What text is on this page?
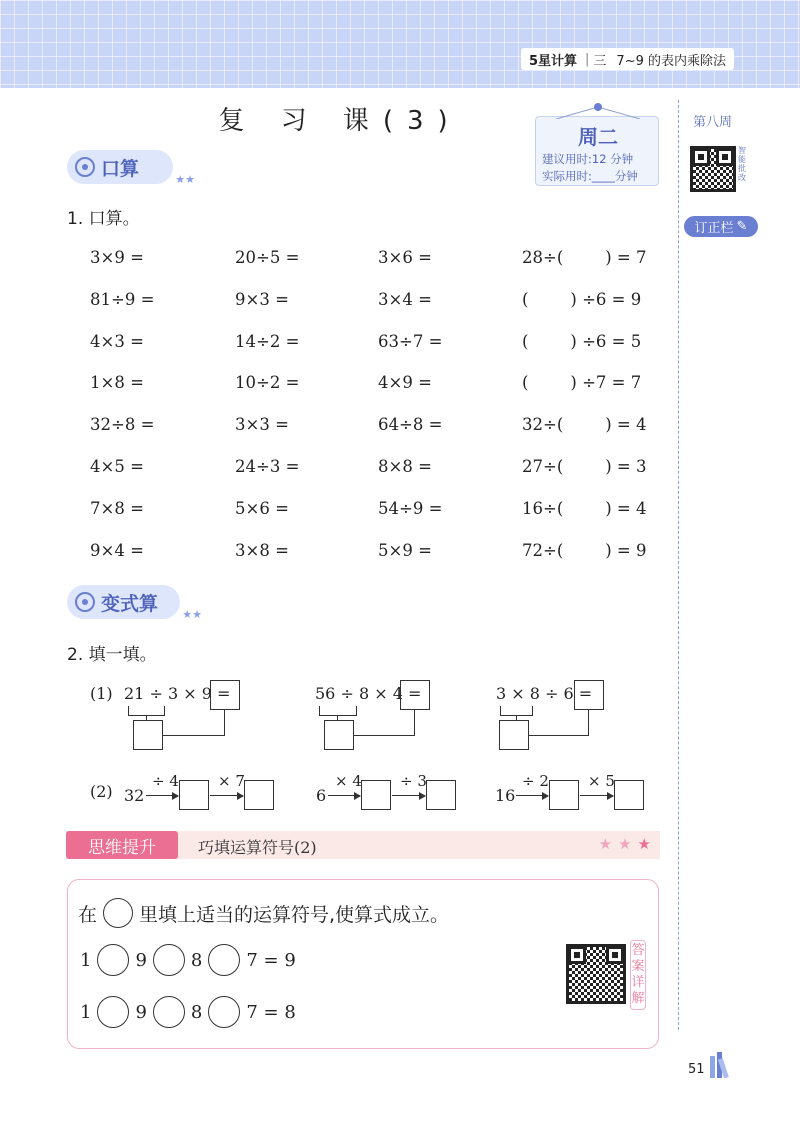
5星计算 | 三 7~9 的表内乘除法
第八周
智能批改
订正栏 ✎
复 习 课(3)
周二
建议用时:12 分钟
实际用时:____分钟
口算	★★
1. 口算。
3×9 =	20÷5 =	3×6 =	28÷(        ) = 7
81÷9 =	9×3 =	3×4 =	(        ) ÷6 = 9
4×3 =	14÷2 =	63÷7 =	(        ) ÷6 = 5
1×8 =	10÷2 =	4×9 =	(        ) ÷7 = 7
32÷8 =	3×3 =	64÷8 =	32÷(        ) = 4
4×5 =	24÷3 =	8×8 =	27÷(        ) = 3
7×8 =	5×6 =	54÷9 =	16÷(        ) = 4
9×4 =	3×8 =	5×9 =	72÷(        ) = 9
变式算 ★★
2. 填一填。
(1) 21 ÷ 3 × 9 =	56 ÷ 8 × 4 =	3 × 8 ÷ 6 =
(2) 32
÷ 4	× 7
6
× 4	÷ 3
16
÷ 2	× 5
思维提升	巧填运算符号(2)	★★★
在 里填上适当的运算符号,使算式成立。
1 9 8 7 = 9
1 9 8 7 = 8
答案详解
51
